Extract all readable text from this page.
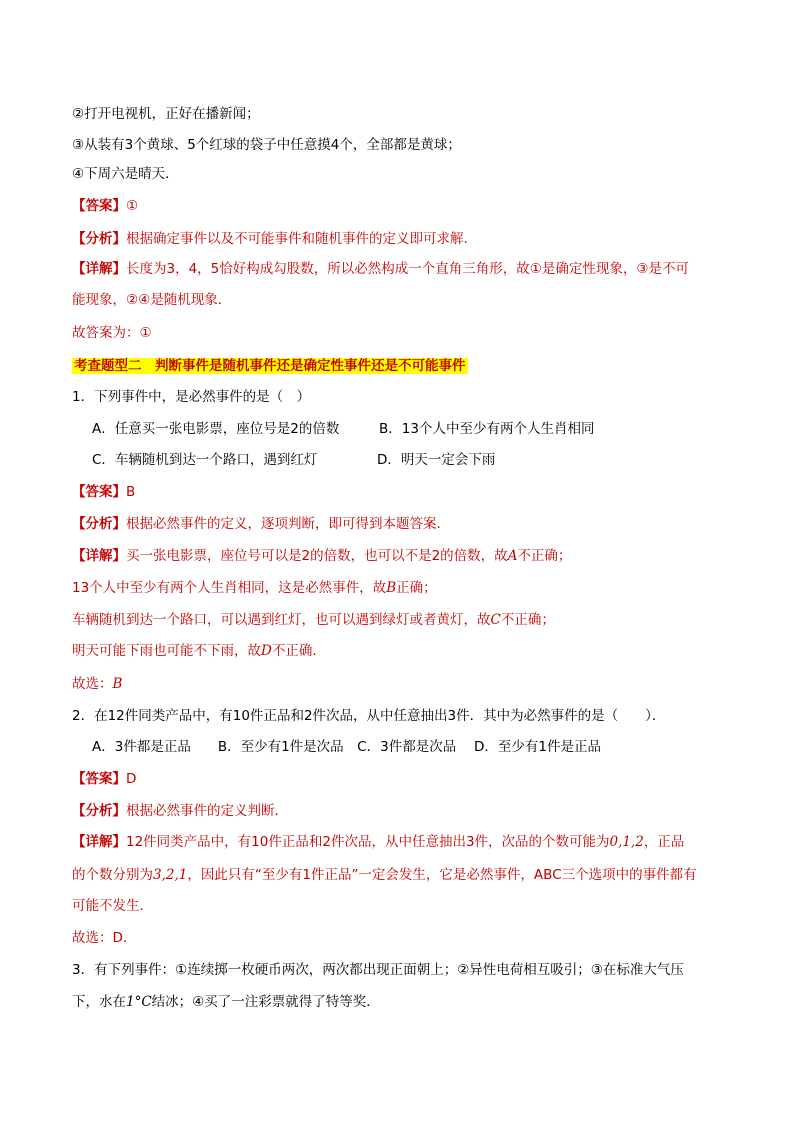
②打开电视机，正好在播新闻；
③从装有3个黄球、5个红球的袋子中任意摸4个，全部都是黄球；
④下周六是晴天．
【答案】①
【分析】根据确定事件以及不可能事件和随机事件的定义即可求解.
【详解】长度为3，4，5恰好构成勾股数，所以必然构成一个直角三角形，故①是确定性现象，③是不可
能现象，②④是随机现象．
故答案为：①
考查题型二　判断事件是随机事件还是确定性事件还是不可能事件
1．下列事件中，是必然事件的是（　）
A．任意买一张电影票，座位号是2的倍数	B．13个人中至少有两个人生肖相同
C．车辆随机到达一个路口，遇到红灯	D．明天一定会下雨
【答案】B
【分析】根据必然事件的定义，逐项判断，即可得到本题答案.
【详解】买一张电影票，座位号可以是2的倍数，也可以不是2的倍数，故A不正确；
13个人中至少有两个人生肖相同，这是必然事件，故B正确；
车辆随机到达一个路口，可以遇到红灯，也可以遇到绿灯或者黄灯，故C不正确；
明天可能下雨也可能不下雨，故D不正确.
故选：B
2．在12件同类产品中，有10件正品和2件次品，从中任意抽出3件．其中为必然事件的是（　　）．
A．3件都是正品　　B．至少有1件是次品　C．3件都是次品　 D．至少有1件是正品
【答案】D
【分析】根据必然事件的定义判断．
【详解】12件同类产品中，有10件正品和2件次品，从中任意抽出3件，次品的个数可能为0,1,2，正品
的个数分别为3,2,1，因此只有“至少有1件正品”一定会发生，它是必然事件，ABC三个选项中的事件都有
可能不发生．
故选：D．
3．有下列事件：①连续掷一枚硬币两次，两次都出现正面朝上；②异性电荷相互吸引；③在标准大气压
下，水在1°C结冰；④买了一注彩票就得了特等奖．
